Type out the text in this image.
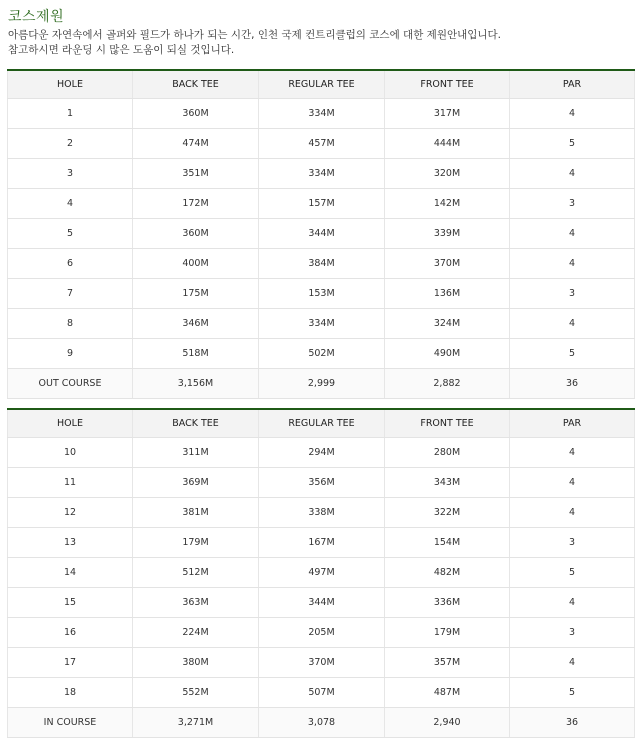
코스제원
아름다운 자연속에서 골퍼와 필드가 하나가 되는 시간, 인천 국제 컨트리클럽의 코스에 대한 제원안내입니다.
참고하시면 라운딩 시 많은 도움이 되실 것입니다.
HOLE	BACK TEE	REGULAR TEE	FRONT TEE	PAR
1	360M	334M	317M	4
2	474M	457M	444M	5
3	351M	334M	320M	4
4	172M	157M	142M	3
5	360M	344M	339M	4
6	400M	384M	370M	4
7	175M	153M	136M	3
8	346M	334M	324M	4
9	518M	502M	490M	5
OUT COURSE	3,156M	2,999	2,882	36
HOLE	BACK TEE	REGULAR TEE	FRONT TEE	PAR
10	311M	294M	280M	4
11	369M	356M	343M	4
12	381M	338M	322M	4
13	179M	167M	154M	3
14	512M	497M	482M	5
15	363M	344M	336M	4
16	224M	205M	179M	3
17	380M	370M	357M	4
18	552M	507M	487M	5
IN COURSE	3,271M	3,078	2,940	36
